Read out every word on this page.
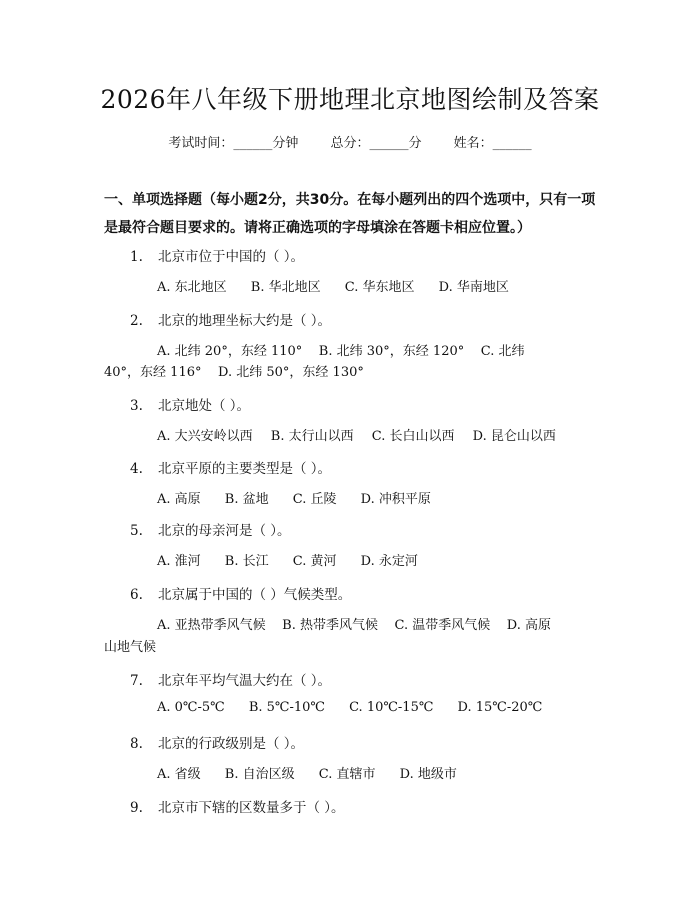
2026年八年级下册地理北京地图绘制及答案
考试时间：______分钟 总分：______分 姓名：______
一、单项选择题（每小题2分，共30分。在每小题列出的四个选项中，只有一项是最符合题目要求的。请将正确选项的字母填涂在答题卡相应位置。）
1. 北京市位于中国的（ ）。
A. 东北地区 B. 华北地区 C. 华东地区 D. 华南地区
2. 北京的地理坐标大约是（ ）。
A. 北纬 20°，东经 110°    B. 北纬 30°，东经 120°    C. 北纬
40°，东经 116°    D. 北纬 50°，东经 130°
3. 北京地处（ ）。
A. 大兴安岭以西 B. 太行山以西 C. 长白山以西 D. 昆仑山以西
4. 北京平原的主要类型是（ ）。
A. 高原 B. 盆地 C. 丘陵 D. 冲积平原
5. 北京的母亲河是（ ）。
A. 淮河 B. 长江 C. 黄河 D. 永定河
6. 北京属于中国的（ ）气候类型。
A. 亚热带季风气候    B. 热带季风气候    C. 温带季风气候    D. 高原
山地气候
7. 北京年平均气温大约在（ ）。
A. 0℃-5℃ B. 5℃-10℃ C. 10℃-15℃ D. 15℃-20℃
8. 北京的行政级别是（ ）。
A. 省级 B. 自治区级 C. 直辖市 D. 地级市
9. 北京市下辖的区数量多于（ ）。
